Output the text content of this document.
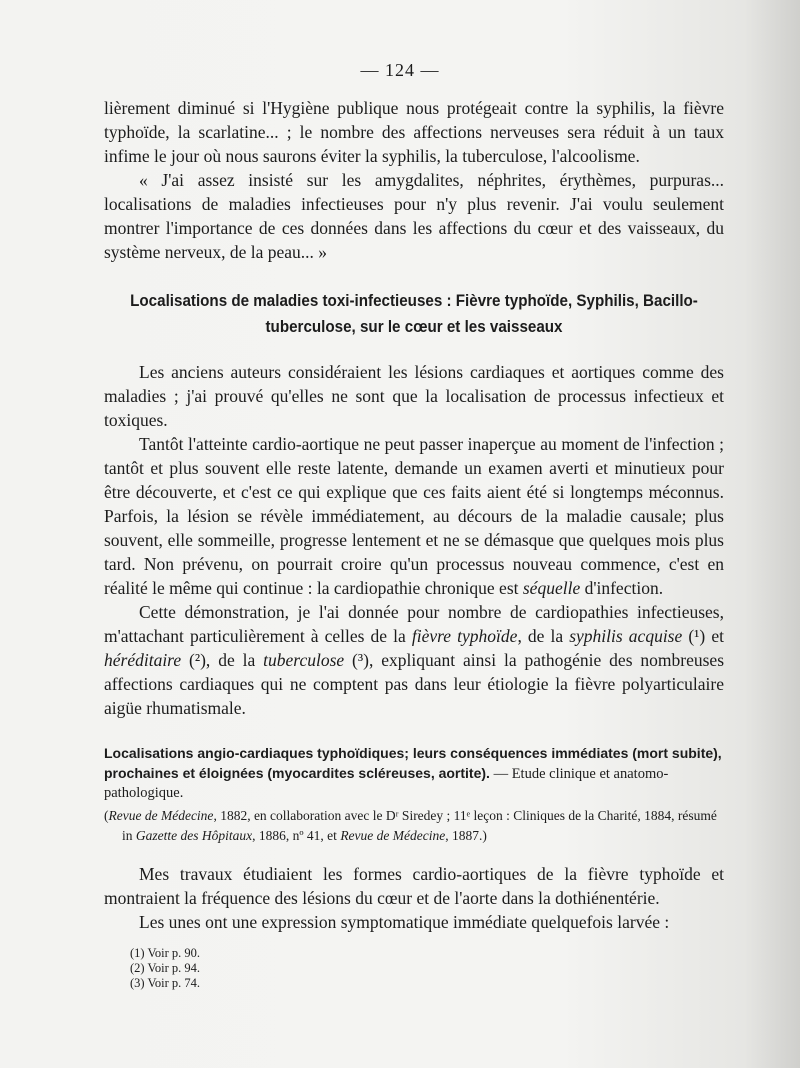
— 124 —

lièrement diminué si l'Hygiène publique nous protégeait contre la syphilis, la fièvre typhoïde, la scarlatine... ; le nombre des affections nerveuses sera réduit à un taux infime le jour où nous saurons éviter la syphilis, la tuberculose, l'alcoolisme.

« J'ai assez insisté sur les amygdalites, néphrites, érythèmes, purpuras... localisations de maladies infectieuses pour n'y plus revenir. J'ai voulu seulement montrer l'importance de ces données dans les affections du cœur et des vaisseaux, du système nerveux, de la peau... »

Localisations de maladies toxi-infectieuses : Fièvre typhoïde, Syphilis, Bacillo-tuberculose, sur le cœur et les vaisseaux

Les anciens auteurs considéraient les lésions cardiaques et aortiques comme des maladies ; j'ai prouvé qu'elles ne sont que la localisation de processus infectieux et toxiques.

Tantôt l'atteinte cardio-aortique ne peut passer inaperçue au moment de l'infection ; tantôt et plus souvent elle reste latente, demande un examen averti et minutieux pour être découverte, et c'est ce qui explique que ces faits aient été si longtemps méconnus. Parfois, la lésion se révèle immédiatement, au décours de la maladie causale; plus souvent, elle sommeille, progresse lentement et ne se démasque que quelques mois plus tard. Non prévenu, on pourrait croire qu'un processus nouveau commence, c'est en réalité le même qui continue : la cardiopathie chronique est séquelle d'infection.

Cette démonstration, je l'ai donnée pour nombre de cardiopathies infectieuses, m'attachant particulièrement à celles de la fièvre typhoïde, de la syphilis acquise (¹) et héréditaire (²), de la tuberculose (³), expliquant ainsi la pathogénie des nombreuses affections cardiaques qui ne comptent pas dans leur étiologie la fièvre polyarticulaire aigüe rhumatismale.

Localisations angio-cardiaques typhoïdiques; leurs conséquences immédiates (mort subite), prochaines et éloignées (myocardites scléreuses, aortite). — Etude clinique et anatomo-pathologique.
(Revue de Médecine, 1882, en collaboration avec le Dʳ Siredey ; 11ᵉ leçon : Cliniques de la Charité, 1884, résumé in Gazette des Hôpitaux, 1886, nº 41, et Revue de Médecine, 1887.)

Mes travaux étudiaient les formes cardio-aortiques de la fièvre typhoïde et montraient la fréquence des lésions du cœur et de l'aorte dans la dothiénentérie.

Les unes ont une expression symptomatique immédiate quelquefois larvée :

(1) Voir p. 90.
(2) Voir p. 94.
(3) Voir p. 74.
